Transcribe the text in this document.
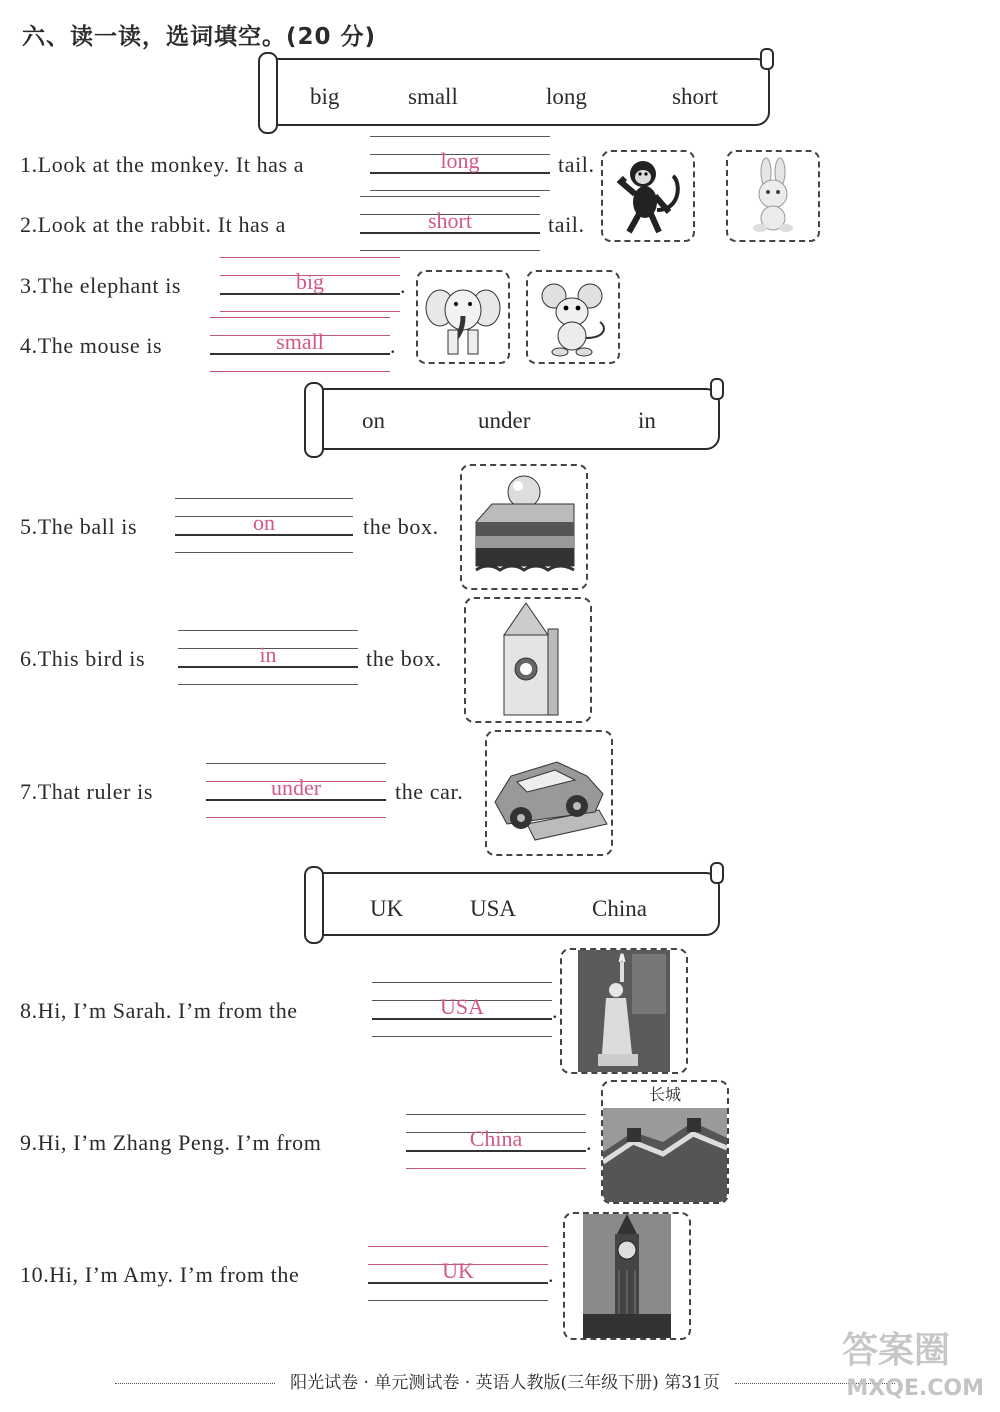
六、读一读，选词填空。(20 分)
big	small	long	short
1.Look at the monkey. It has a	long	tail.
2.Look at the rabbit. It has a	short	tail.
3.The elephant is	big	.
4.The mouse is	small	.
on	under	in
5.The ball is	on	the box.
6.This bird is	in	the box.
7.That ruler is	under	the car.
UK	USA	China
8.Hi, I’m Sarah. I’m from the	USA	.
9.Hi, I’m Zhang Peng. I’m from	China	.
长城
10.Hi, I’m Amy. I’m from the	UK	.
阳光试卷 · 单元测试卷 · 英语人教版(三年级下册) 第31页
答案圈
MXQE.COM
